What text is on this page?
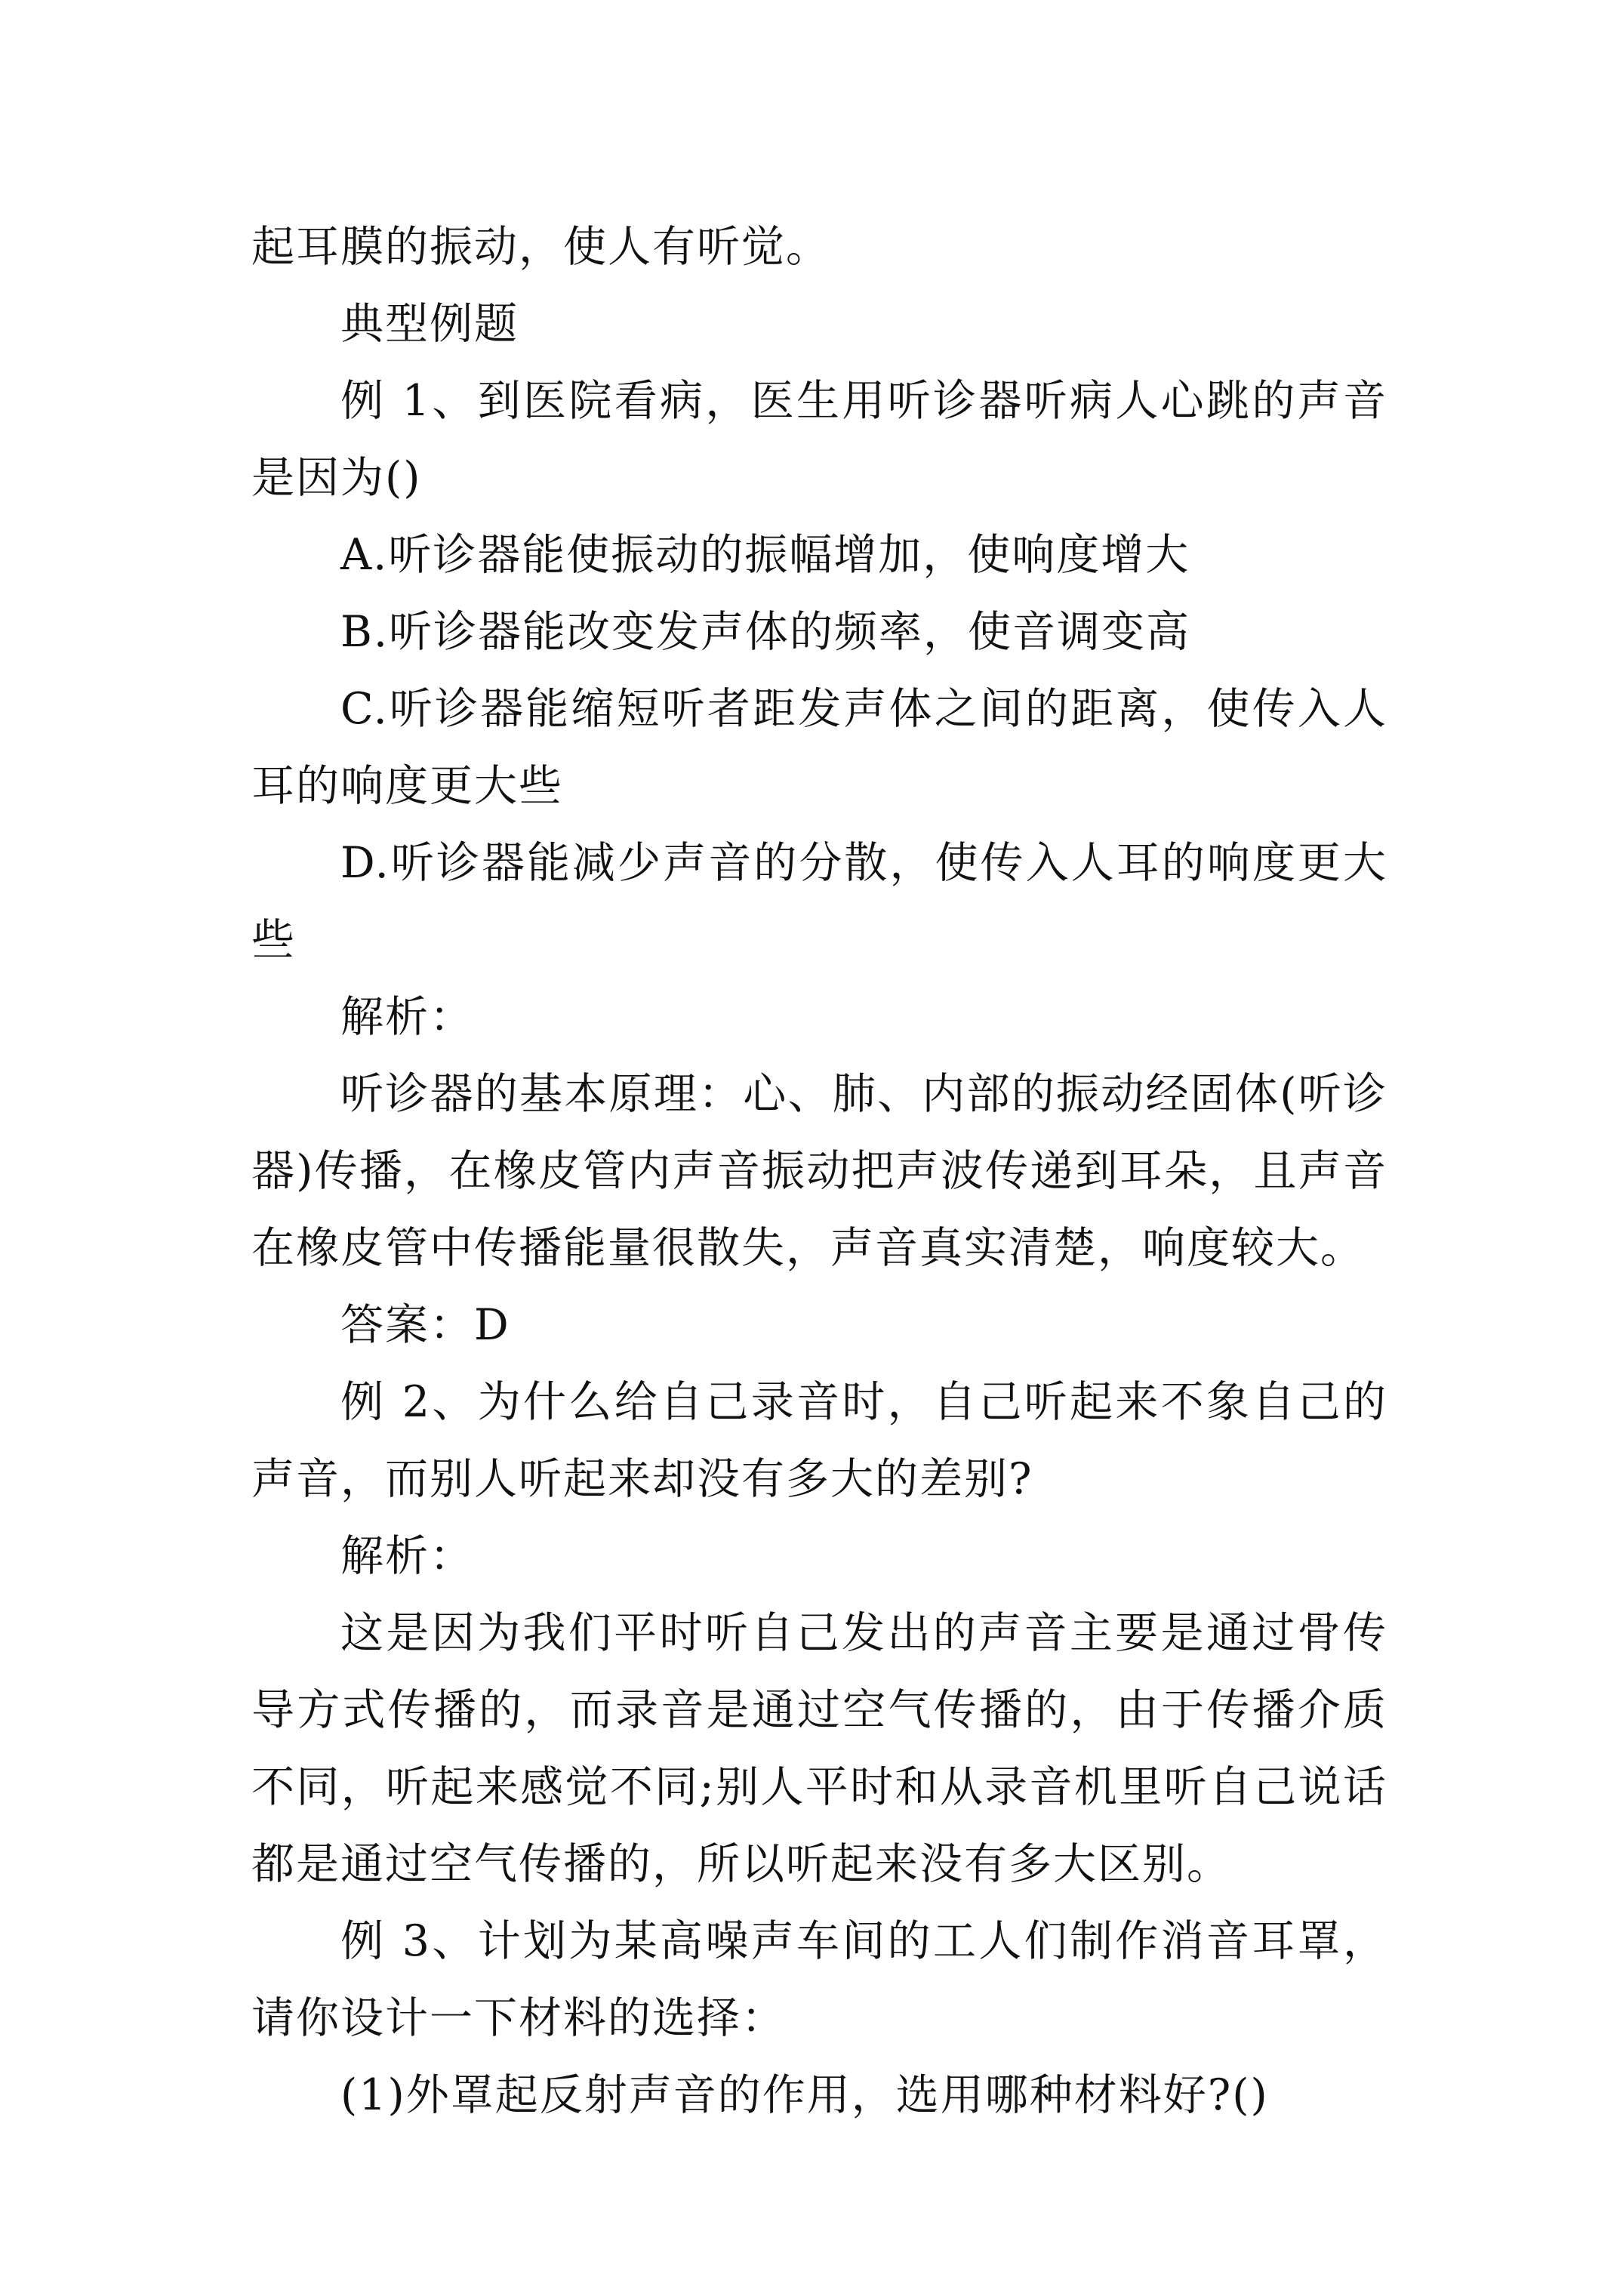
起耳膜的振动，使人有听觉。

典型例题

例 1、到医院看病，医生用听诊器听病人心跳的声音是因为()

A.听诊器能使振动的振幅增加，使响度增大

B.听诊器能改变发声体的频率，使音调变高

C.听诊器能缩短听者距发声体之间的距离，使传入人耳的响度更大些

D.听诊器能减少声音的分散，使传入人耳的响度更大些

解析：

听诊器的基本原理：心、肺、内部的振动经固体(听诊器)传播，在橡皮管内声音振动把声波传递到耳朵，且声音在橡皮管中传播能量很散失，声音真实清楚，响度较大。

答案：D

例 2、为什么给自己录音时，自己听起来不象自己的声音，而别人听起来却没有多大的差别?

解析：

这是因为我们平时听自己发出的声音主要是通过骨传导方式传播的，而录音是通过空气传播的，由于传播介质不同，听起来感觉不同;别人平时和从录音机里听自己说话都是通过空气传播的，所以听起来没有多大区别。

例 3、计划为某高噪声车间的工人们制作消音耳罩，请你设计一下材料的选择：

(1)外罩起反射声音的作用，选用哪种材料好?()
